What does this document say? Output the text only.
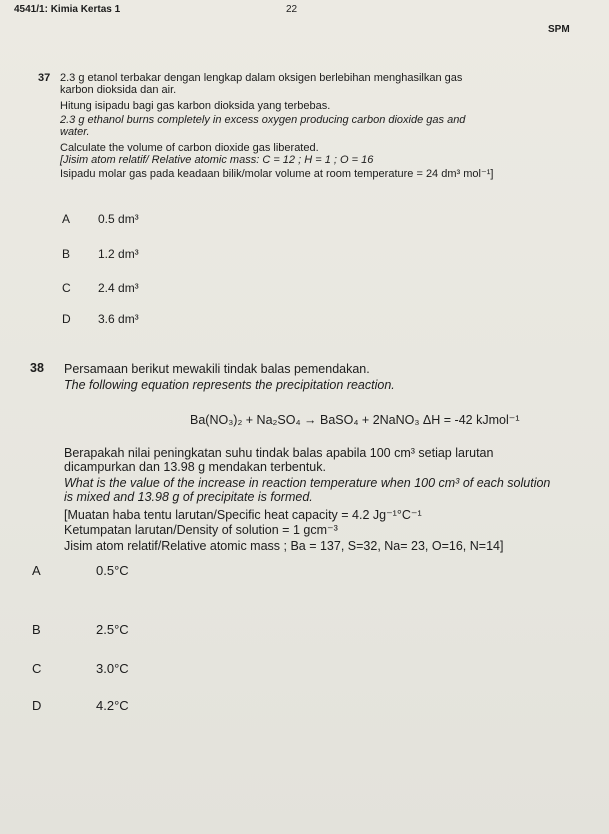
4541/1: Kimia Kertas 1	22
SPM
37 2.3 g etanol terbakar dengan lengkap dalam oksigen berlebihan menghasilkan gas
karbon dioksida dan air.
Hitung isipadu bagi gas karbon dioksida yang terbebas.
2.3 g ethanol burns completely in excess oxygen producing carbon dioxide gas and
water.
Calculate the volume of carbon dioxide gas liberated.
[Jisim atom relatif/ Relative atomic mass: C = 12 ; H = 1 ; O = 16
Isipadu molar gas pada keadaan bilik/molar volume at room temperature = 24 dm³ mol⁻¹]
A 0.5 dm³
B 1.2 dm³
C 2.4 dm³
D 3.6 dm³
38 Persamaan berikut mewakili tindak balas pemendakan.
The following equation represents the precipitation reaction.
Ba(NO₃)₂ + Na₂SO₄ → BaSO₄ + 2NaNO₃ ΔH = -42 kJmol⁻¹
Berapakah nilai peningkatan suhu tindak balas apabila 100 cm³ setiap larutan
dicampurkan dan 13.98 g mendakan terbentuk.
What is the value of the increase in reaction temperature when 100 cm³ of each solution
is mixed and 13.98 g of precipitate is formed.
[Muatan haba tentu larutan/Specific heat capacity = 4.2 Jg⁻¹°C⁻¹
Ketumpatan larutan/Density of solution = 1 gcm⁻³
Jisim atom relatif/Relative atomic mass ; Ba = 137, S=32, Na= 23, O=16, N=14]
A	0.5°C
B	2.5°C
C	3.0°C
D	4.2°C
